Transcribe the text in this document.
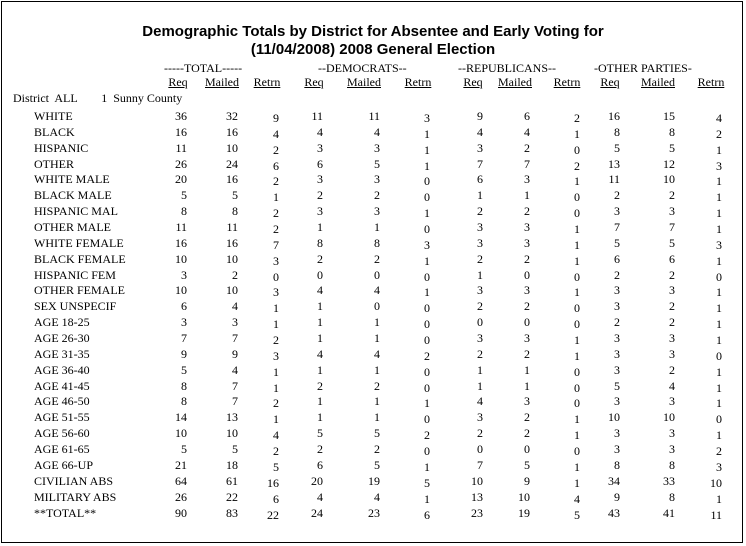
Demographic Totals by District for Absentee and Early Voting for
(11/04/2008) 2008 General Election
-----TOTAL-----	--DEMOCRATS--	--REPUBLICANS--	-OTHER PARTIES-
Req	Mailed	Retrn	Req	Mailed	Retrn	Req	Mailed	Retrn	Req	Mailed	Retrn
District  ALL        1  Sunny County
WHITE	36	32	9	11	11	3	9	6	2	16	15	4
BLACK	16	16	4	4	4	1	4	4	1	8	8	2
HISPANIC	11	10	2	3	3	1	3	2	0	5	5	1
OTHER	26	24	6	6	5	1	7	7	2	13	12	3
WHITE MALE	20	16	2	3	3	0	6	3	1	11	10	1
BLACK MALE	5	5	1	2	2	0	1	1	0	2	2	1
HISPANIC MAL	8	8	2	3	3	1	2	2	0	3	3	1
OTHER MALE	11	11	2	1	1	0	3	3	1	7	7	1
WHITE FEMALE	16	16	7	8	8	3	3	3	1	5	5	3
BLACK FEMALE	10	10	3	2	2	1	2	2	1	6	6	1
HISPANIC FEM	3	2	0	0	0	0	1	0	0	2	2	0
OTHER FEMALE	10	10	3	4	4	1	3	3	1	3	3	1
SEX UNSPECIF	6	4	1	1	0	0	2	2	0	3	2	1
AGE 18-25	3	3	1	1	1	0	0	0	0	2	2	1
AGE 26-30	7	7	2	1	1	0	3	3	1	3	3	1
AGE 31-35	9	9	3	4	4	2	2	2	1	3	3	0
AGE 36-40	5	4	1	1	1	0	1	1	0	3	2	1
AGE 41-45	8	7	1	2	2	0	1	1	0	5	4	1
AGE 46-50	8	7	2	1	1	1	4	3	0	3	3	1
AGE 51-55	14	13	1	1	1	0	3	2	1	10	10	0
AGE 56-60	10	10	4	5	5	2	2	2	1	3	3	1
AGE 61-65	5	5	2	2	2	0	0	0	0	3	3	2
AGE 66-UP	21	18	5	6	5	1	7	5	1	8	8	3
CIVILIAN ABS	64	61	16	20	19	5	10	9	1	34	33	10
MILITARY ABS	26	22	6	4	4	1	13	10	4	9	8	1
**TOTAL**	90	83	22	24	23	6	23	19	5	43	41	11
